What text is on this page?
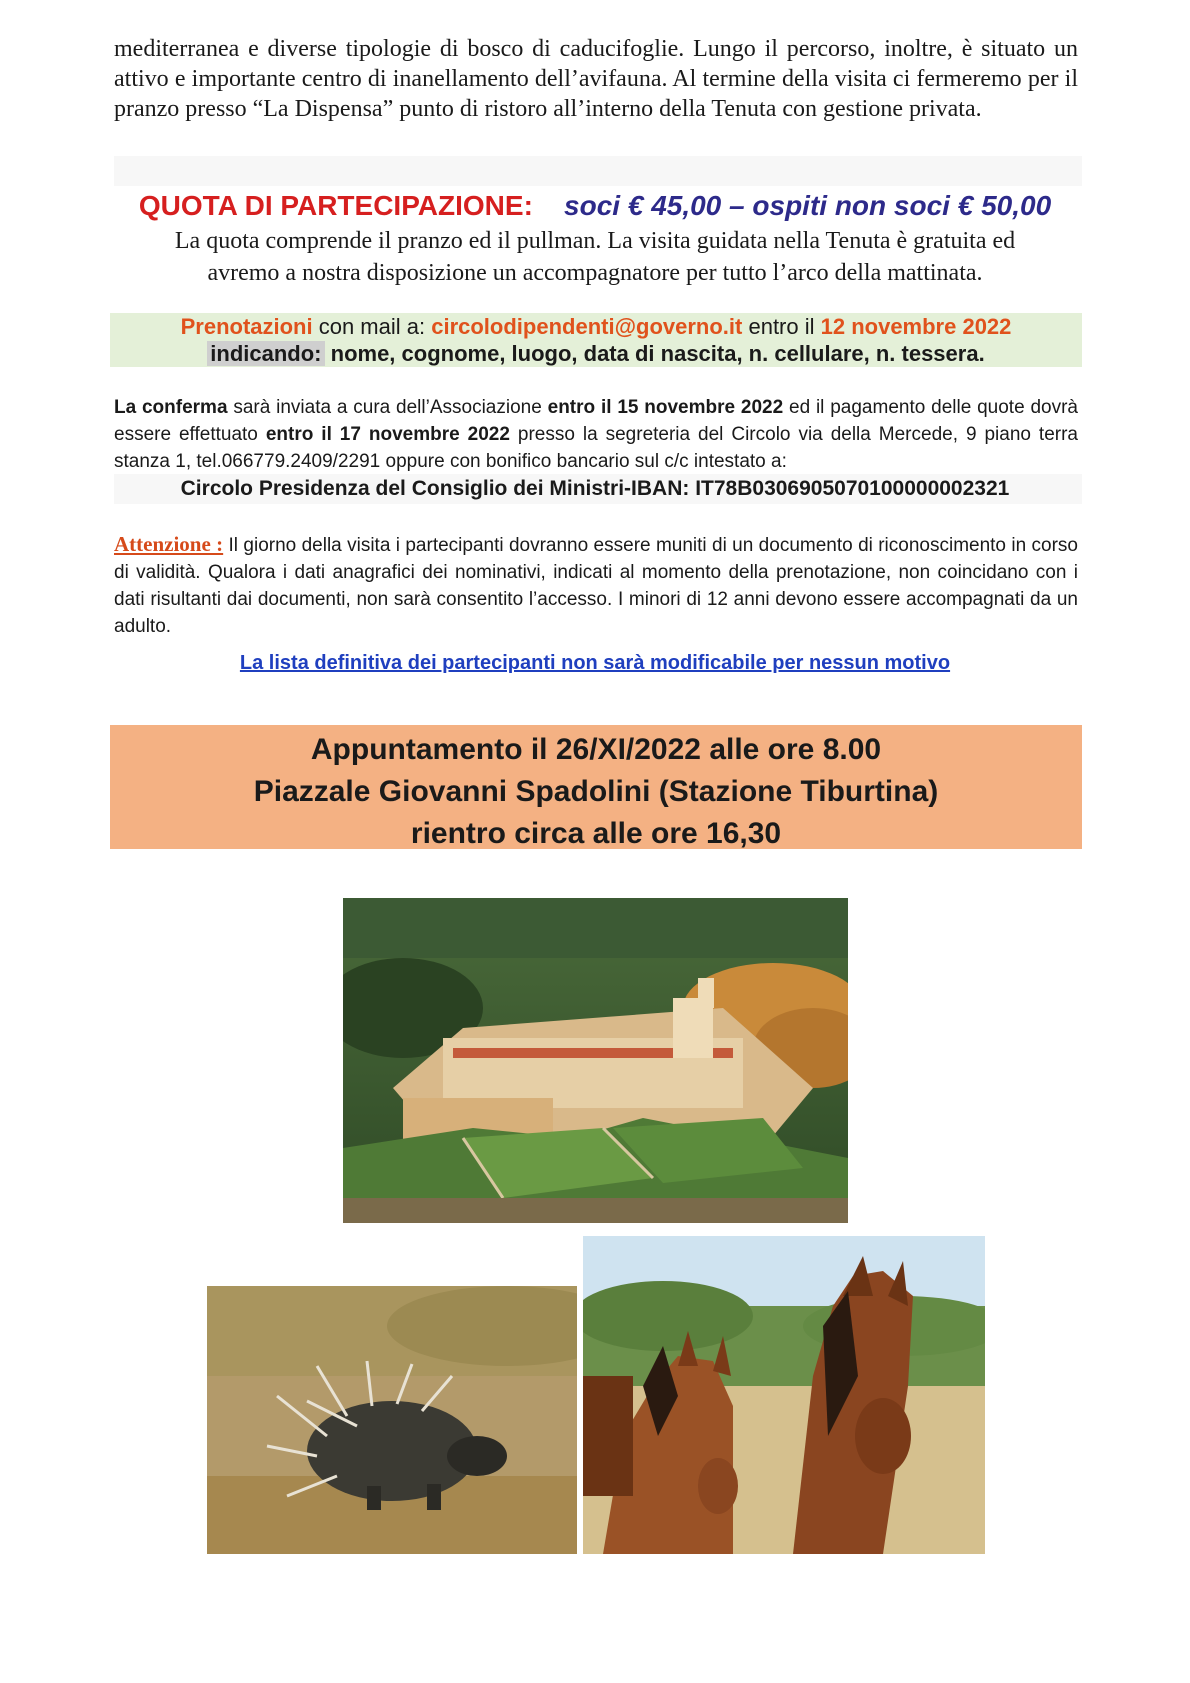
mediterranea e diverse tipologie di bosco di caducifoglie. Lungo il percorso, inoltre, è situato un attivo e importante centro di inanellamento dell’avifauna. Al termine della visita ci fermeremo per il pranzo presso “La Dispensa” punto di ristoro all’interno della Tenuta con gestione privata.
QUOTA DI PARTECIPAZIONE: soci € 45,00 – ospiti non soci € 50,00
La quota comprende il pranzo ed il pullman. La visita guidata nella Tenuta è gratuita ed
avremo a nostra disposizione un accompagnatore per tutto l’arco della mattinata.
Prenotazioni con mail a: circolodipendenti@governo.it entro il 12 novembre 2022
indicando: nome, cognome, luogo, data di nascita, n. cellulare, n. tessera.
La conferma sarà inviata a cura dell’Associazione entro il 15 novembre 2022 ed il pagamento delle quote dovrà essere effettuato entro il 17 novembre 2022 presso la segreteria del Circolo via della Mercede, 9 piano terra stanza 1, tel.066779.2409/2291 oppure con bonifico bancario sul c/c intestato a:
Circolo Presidenza del Consiglio dei Ministri-IBAN: IT78B0306905070100000002321
Attenzione : Il giorno della visita i partecipanti dovranno essere muniti di un documento di riconoscimento in corso di validità. Qualora i dati anagrafici dei nominativi, indicati al momento della prenotazione, non coincidano con i dati risultanti dai documenti, non sarà consentito l’accesso. I minori di 12 anni devono essere accompagnati da un adulto.
La lista definitiva dei partecipanti non sarà modificabile per nessun motivo
Appuntamento il 26/XI/2022 alle ore 8.00
Piazzale Giovanni Spadolini (Stazione Tiburtina)
rientro circa alle ore 16,30
